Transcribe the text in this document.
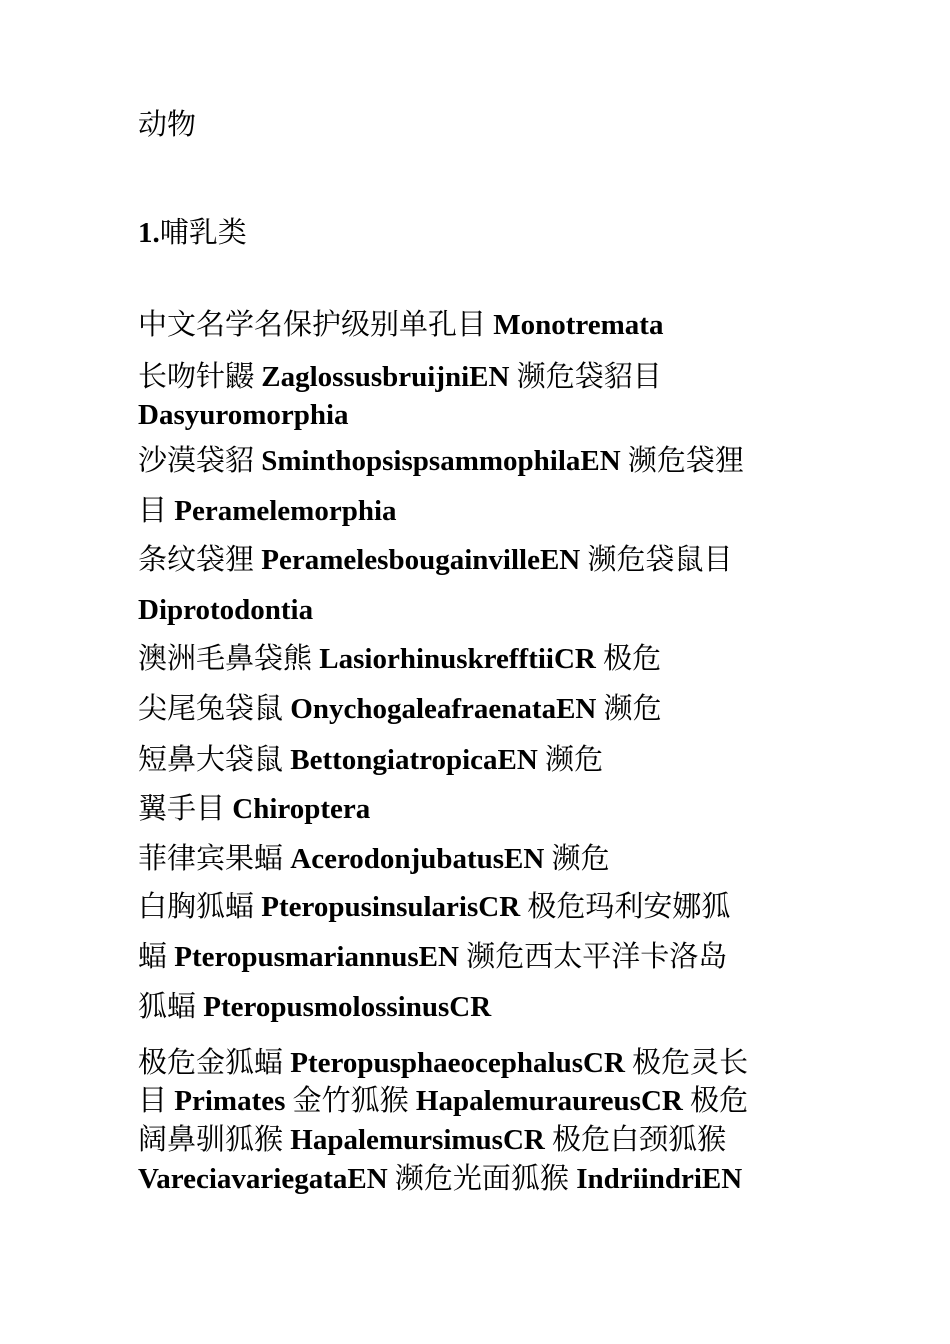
动物
1.哺乳类
中文名学名保护级别单孔目 Monotremata
长吻针鼹 ZaglossusbruijniEN 濒危袋貂目
Dasyuromorphia
沙漠袋貂 SminthopsispsammophilaEN 濒危袋狸
目 Peramelemorphia
条纹袋狸 PeramelesbougainvilleEN 濒危袋鼠目
Diprotodontia
澳洲毛鼻袋熊 LasiorhinuskrefftiiCR 极危
尖尾兔袋鼠 OnychogaleafraenataEN 濒危
短鼻大袋鼠 BettongiatropicaEN 濒危
翼手目 Chiroptera
菲律宾果蝠 AcerodonjubatusEN 濒危
白胸狐蝠 PteropusinsularisCR 极危玛利安娜狐
蝠 PteropusmariannusEN 濒危西太平洋卡洛岛
狐蝠 PteropusmolossinusCR
极危金狐蝠 PteropusphaeocephalusCR 极危灵长
目 Primates 金竹狐猴 HapalemuraureusCR 极危
阔鼻驯狐猴 HapalemursimusCR 极危白颈狐猴
VareciavariegataEN 濒危光面狐猴 IndriindriEN
